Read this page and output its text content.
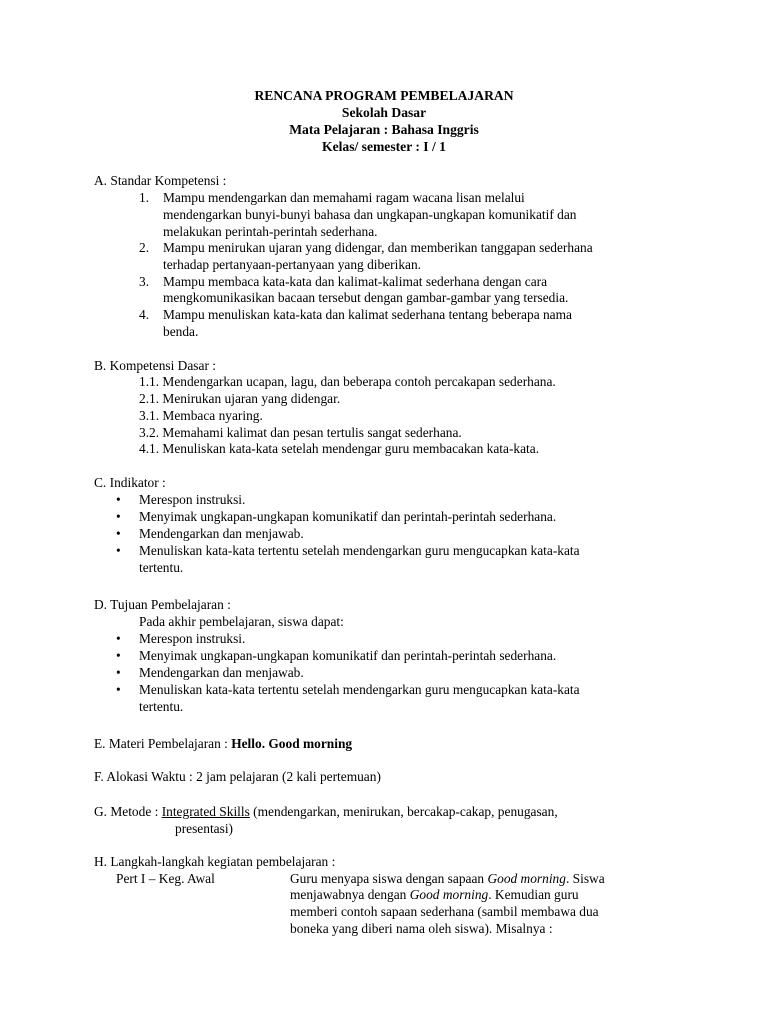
RENCANA PROGRAM PEMBELAJARAN
Sekolah Dasar
Mata Pelajaran : Bahasa Inggris
Kelas/ semester : I / 1
A. Standar Kompetensi :
1. Mampu mendengarkan dan memahami ragam wacana lisan melalui
mendengarkan bunyi-bunyi bahasa dan ungkapan-ungkapan komunikatif dan
melakukan perintah-perintah sederhana.
2. Mampu menirukan ujaran yang didengar, dan memberikan tanggapan sederhana
terhadap pertanyaan-pertanyaan yang diberikan.
3. Mampu membaca kata-kata dan kalimat-kalimat sederhana dengan cara
mengkomunikasikan bacaan tersebut dengan gambar-gambar yang tersedia.
4. Mampu menuliskan kata-kata dan kalimat sederhana tentang beberapa nama
benda.
B. Kompetensi Dasar :
1.1. Mendengarkan ucapan, lagu, dan beberapa contoh percakapan sederhana.
2.1. Menirukan ujaran yang didengar.
3.1. Membaca nyaring.
3.2. Memahami kalimat dan pesan tertulis sangat sederhana.
4.1. Menuliskan kata-kata setelah mendengar guru membacakan kata-kata.
C. Indikator :
• Merespon instruksi.
• Menyimak ungkapan-ungkapan komunikatif dan perintah-perintah sederhana.
• Mendengarkan dan menjawab.
• Menuliskan kata-kata tertentu setelah mendengarkan guru mengucapkan kata-kata
tertentu.
D. Tujuan Pembelajaran :
Pada akhir pembelajaran, siswa dapat:
• Merespon instruksi.
• Menyimak ungkapan-ungkapan komunikatif dan perintah-perintah sederhana.
• Mendengarkan dan menjawab.
• Menuliskan kata-kata tertentu setelah mendengarkan guru mengucapkan kata-kata
tertentu.
E. Materi Pembelajaran : Hello. Good morning
F. Alokasi Waktu : 2 jam pelajaran (2 kali pertemuan)
G. Metode : Integrated Skills (mendengarkan, menirukan, bercakap-cakap, penugasan,
presentasi)
H. Langkah-langkah kegiatan pembelajaran :
Pert I – Keg. Awal	Guru menyapa siswa dengan sapaan Good morning. Siswa
menjawabnya dengan Good morning. Kemudian guru
memberi contoh sapaan sederhana (sambil membawa dua
boneka yang diberi nama oleh siswa). Misalnya :
